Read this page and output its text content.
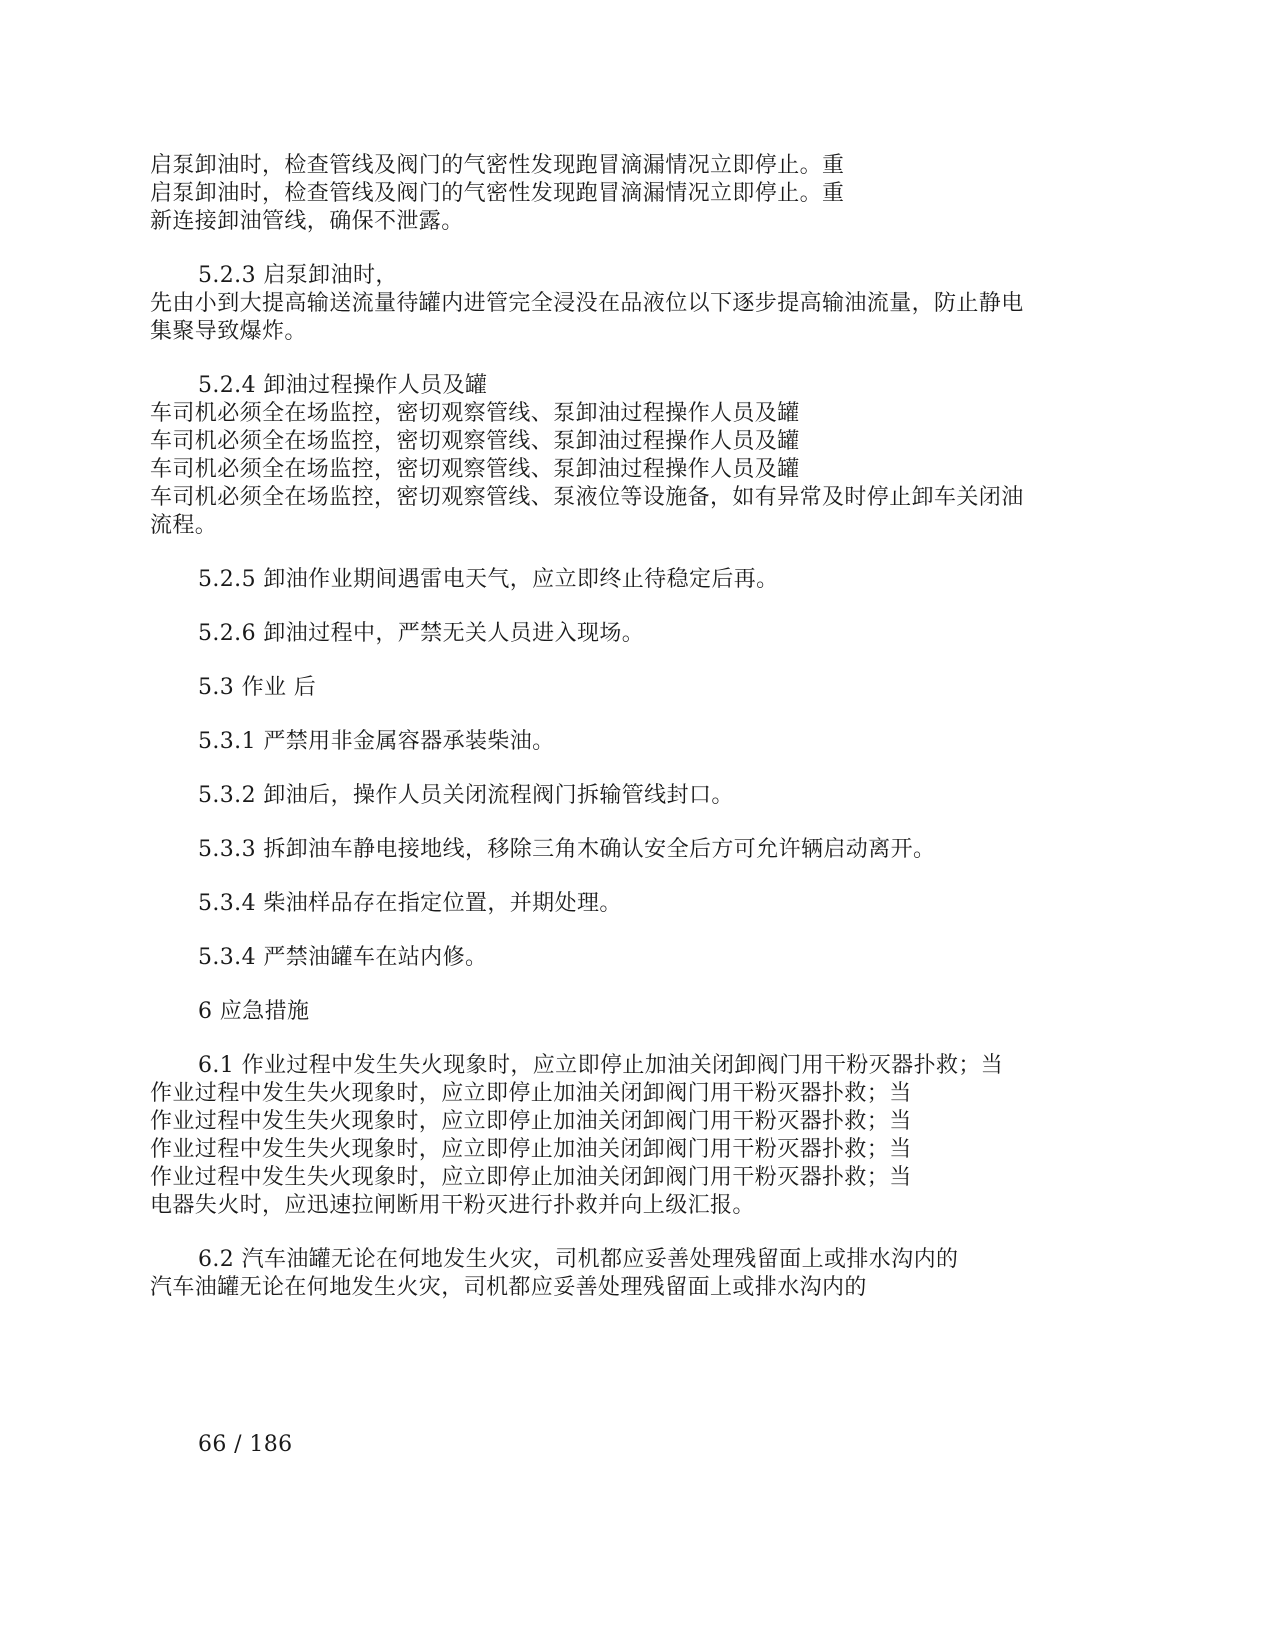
启泵卸油时，检查管线及阀门的气密性发现跑冒滴漏情况立即停止。重
启泵卸油时，检查管线及阀门的气密性发现跑冒滴漏情况立即停止。重
新连接卸油管线，确保不泄露。
5.2.3 启泵卸油时，
先由小到大提高输送流量待罐内进管完全浸没在品液位以下逐步提高输油流量，防止静电
集聚导致爆炸。
5.2.4 卸油过程操作人员及罐
车司机必须全在场监控，密切观察管线、泵卸油过程操作人员及罐
车司机必须全在场监控，密切观察管线、泵卸油过程操作人员及罐
车司机必须全在场监控，密切观察管线、泵卸油过程操作人员及罐
车司机必须全在场监控，密切观察管线、泵液位等设施备，如有异常及时停止卸车关闭油
流程。
5.2.5 卸油作业期间遇雷电天气，应立即终止待稳定后再。
5.2.6 卸油过程中，严禁无关人员进入现场。
5.3 作业 后
5.3.1 严禁用非金属容器承装柴油。
5.3.2 卸油后，操作人员关闭流程阀门拆输管线封口。
5.3.3 拆卸油车静电接地线，移除三角木确认安全后方可允许辆启动离开。
5.3.4 柴油样品存在指定位置，并期处理。
5.3.4 严禁油罐车在站内修。
6 应急措施
6.1 作业过程中发生失火现象时，应立即停止加油关闭卸阀门用干粉灭器扑救；当
作业过程中发生失火现象时，应立即停止加油关闭卸阀门用干粉灭器扑救；当
作业过程中发生失火现象时，应立即停止加油关闭卸阀门用干粉灭器扑救；当
作业过程中发生失火现象时，应立即停止加油关闭卸阀门用干粉灭器扑救；当
作业过程中发生失火现象时，应立即停止加油关闭卸阀门用干粉灭器扑救；当
电器失火时，应迅速拉闸断用干粉灭进行扑救并向上级汇报。
6.2 汽车油罐无论在何地发生火灾，司机都应妥善处理残留面上或排水沟内的
汽车油罐无论在何地发生火灾，司机都应妥善处理残留面上或排水沟内的
66 / 186
